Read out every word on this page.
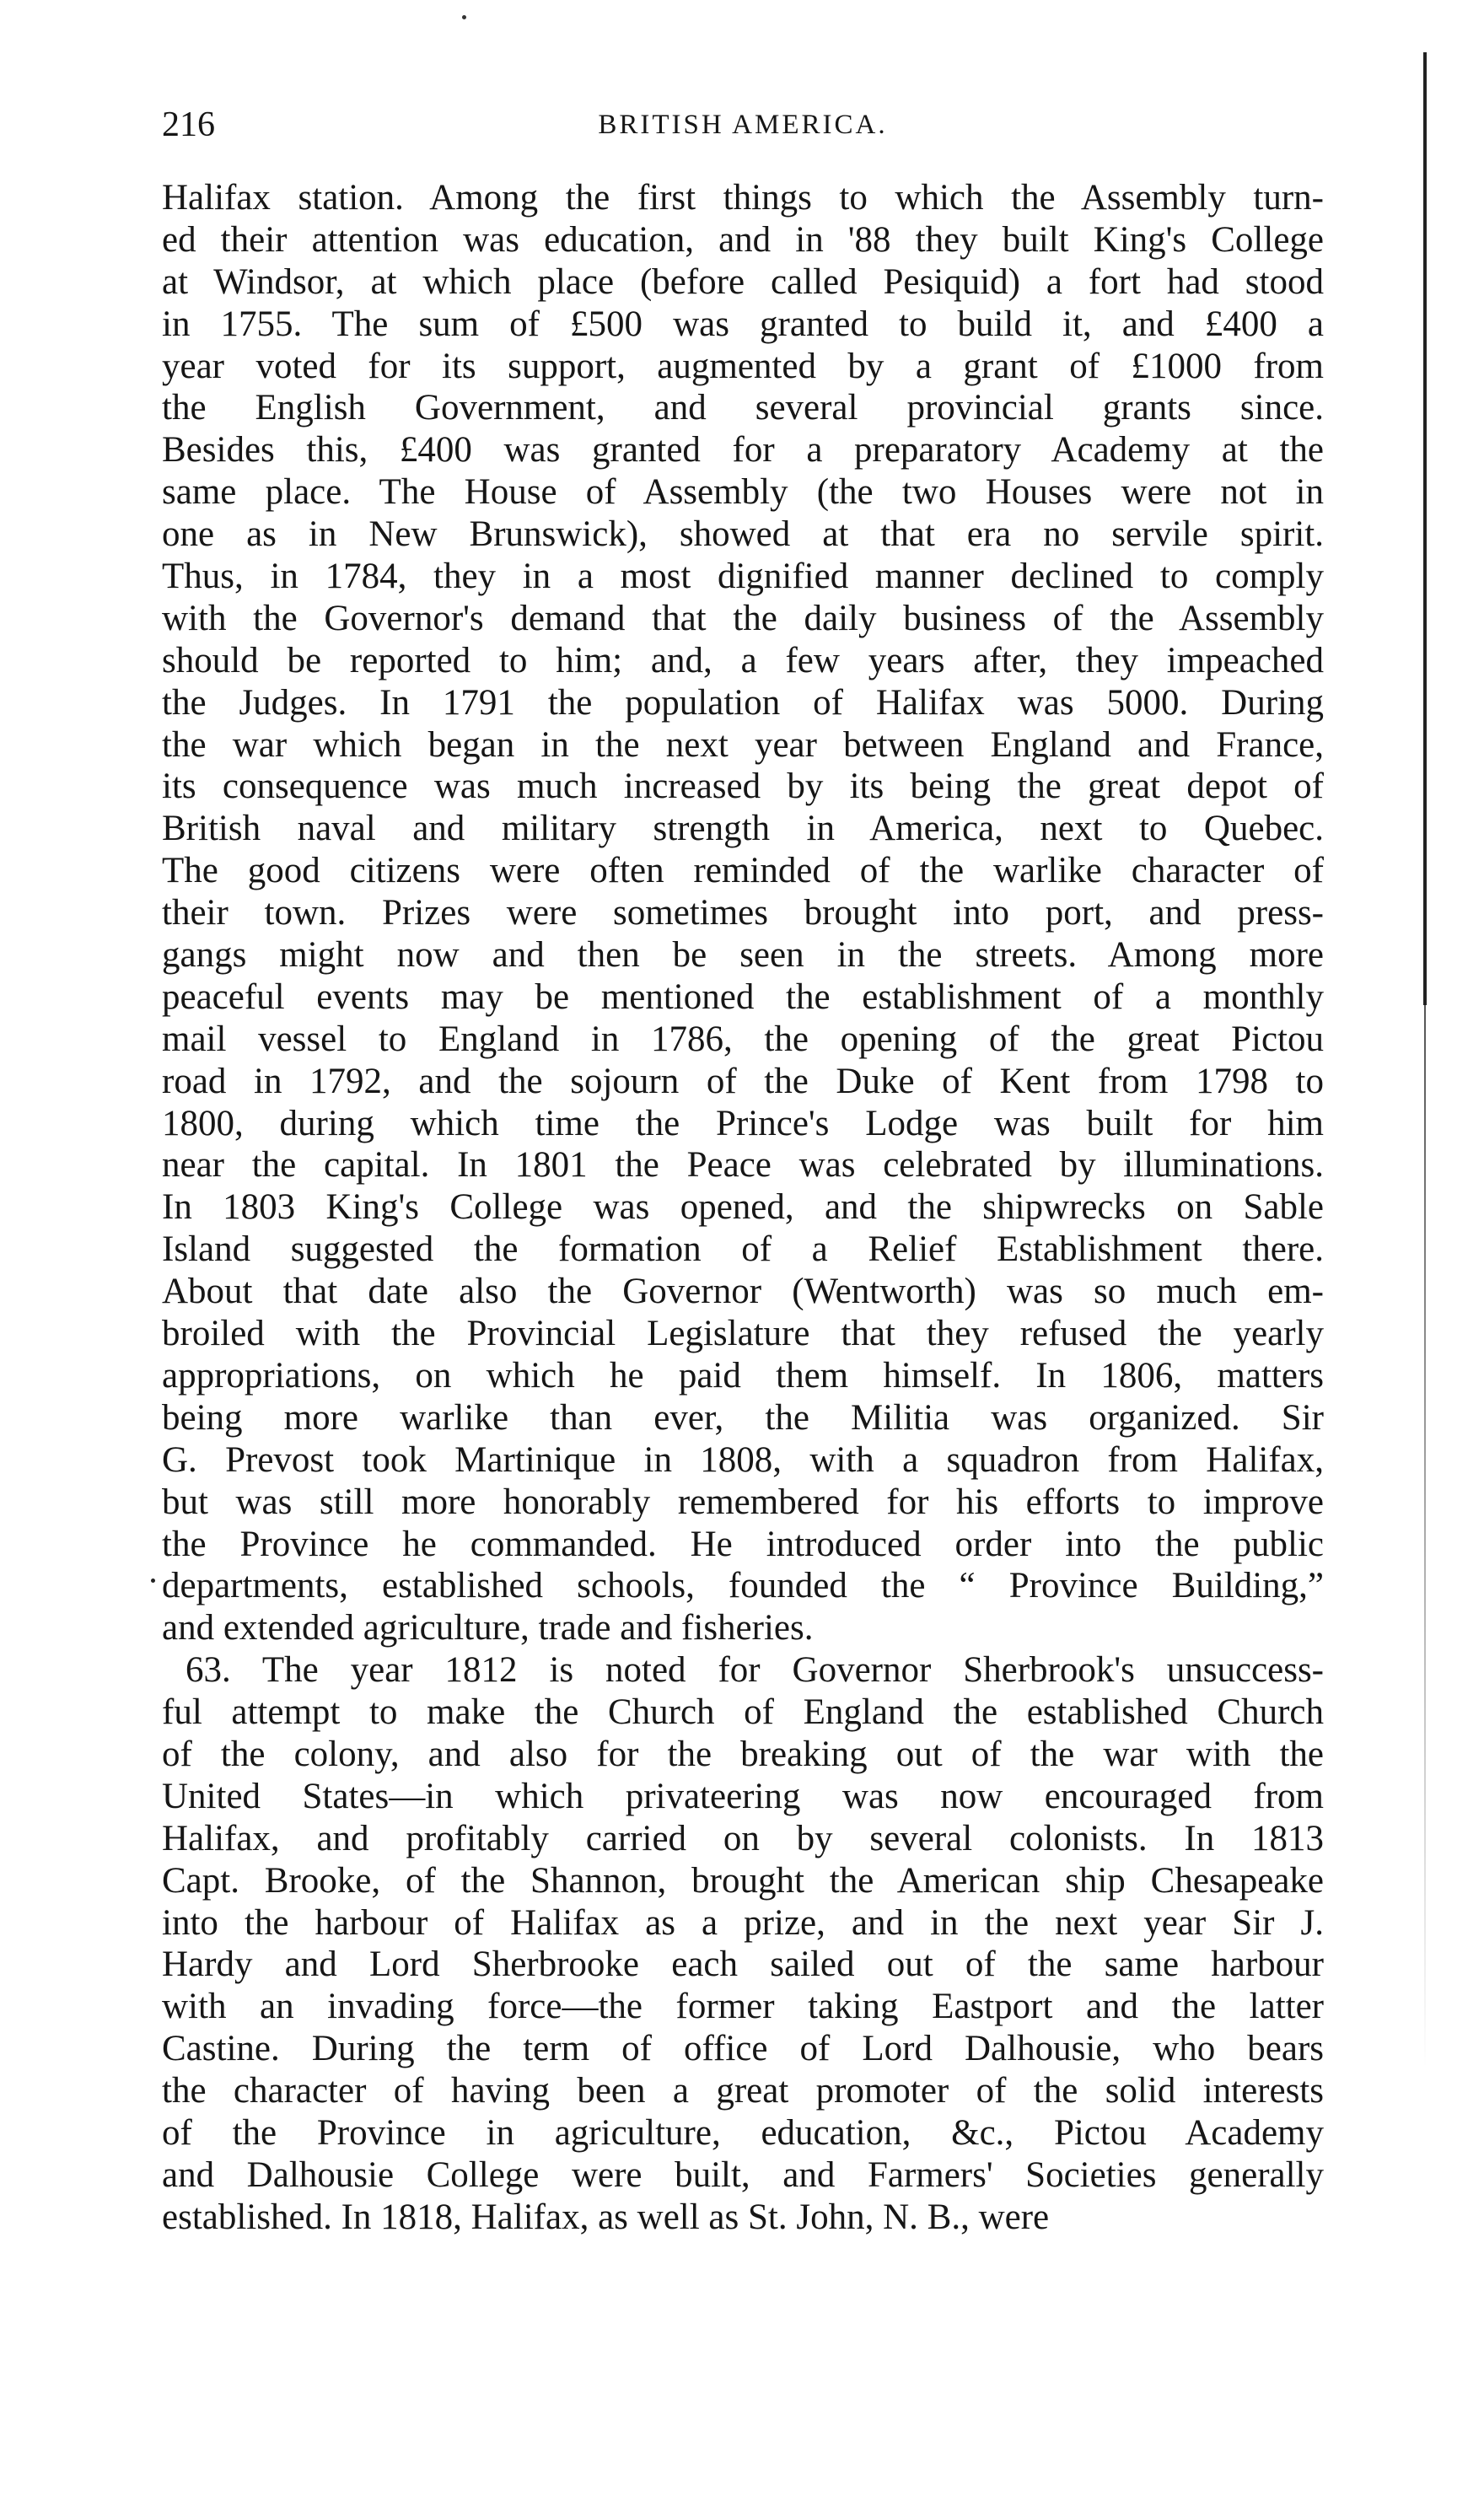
216	BRITISH AMERICA.
Halifax station. Among the first things to which the Assembly turn-
ed their attention was education, and in '88 they built King's College
at Windsor, at which place (before called Pesiquid) a fort had stood
in 1755. The sum of £500 was granted to build it, and £400 a
year voted for its support, augmented by a grant of £1000 from
the English Government, and several provincial grants since.
Besides this, £400 was granted for a preparatory Academy at the
same place. The House of Assembly (the two Houses were not in
one as in New Brunswick), showed at that era no servile spirit.
Thus, in 1784, they in a most dignified manner declined to comply
with the Governor's demand that the daily business of the Assembly
should be reported to him; and, a few years after, they impeached
the Judges. In 1791 the population of Halifax was 5000. During
the war which began in the next year between England and France,
its consequence was much increased by its being the great depot of
British naval and military strength in America, next to Quebec.
The good citizens were often reminded of the warlike character of
their town. Prizes were sometimes brought into port, and press-
gangs might now and then be seen in the streets. Among more
peaceful events may be mentioned the establishment of a monthly
mail vessel to England in 1786, the opening of the great Pictou
road in 1792, and the sojourn of the Duke of Kent from 1798 to
1800, during which time the Prince's Lodge was built for him
near the capital. In 1801 the Peace was celebrated by illuminations.
In 1803 King's College was opened, and the shipwrecks on Sable
Island suggested the formation of a Relief Establishment there.
About that date also the Governor (Wentworth) was so much em-
broiled with the Provincial Legislature that they refused the yearly
appropriations, on which he paid them himself. In 1806, matters
being more warlike than ever, the Militia was organized. Sir
G. Prevost took Martinique in 1808, with a squadron from Halifax,
but was still more honorably remembered for his efforts to improve
the Province he commanded. He introduced order into the public
departments, established schools, founded the “ Province Building,”
and extended agriculture, trade and fisheries.
63. The year 1812 is noted for Governor Sherbrook's unsuccess-
ful attempt to make the Church of England the established Church
of the colony, and also for the breaking out of the war with the
United States—in which privateering was now encouraged from
Halifax, and profitably carried on by several colonists. In 1813
Capt. Brooke, of the Shannon, brought the American ship Chesapeake
into the harbour of Halifax as a prize, and in the next year Sir J.
Hardy and Lord Sherbrooke each sailed out of the same harbour
with an invading force—the former taking Eastport and the latter
Castine. During the term of office of Lord Dalhousie, who bears
the character of having been a great promoter of the solid interests
of the Province in agriculture, education, &c., Pictou Academy
and Dalhousie College were built, and Farmers' Societies generally
established. In 1818, Halifax, as well as St. John, N. B., were
